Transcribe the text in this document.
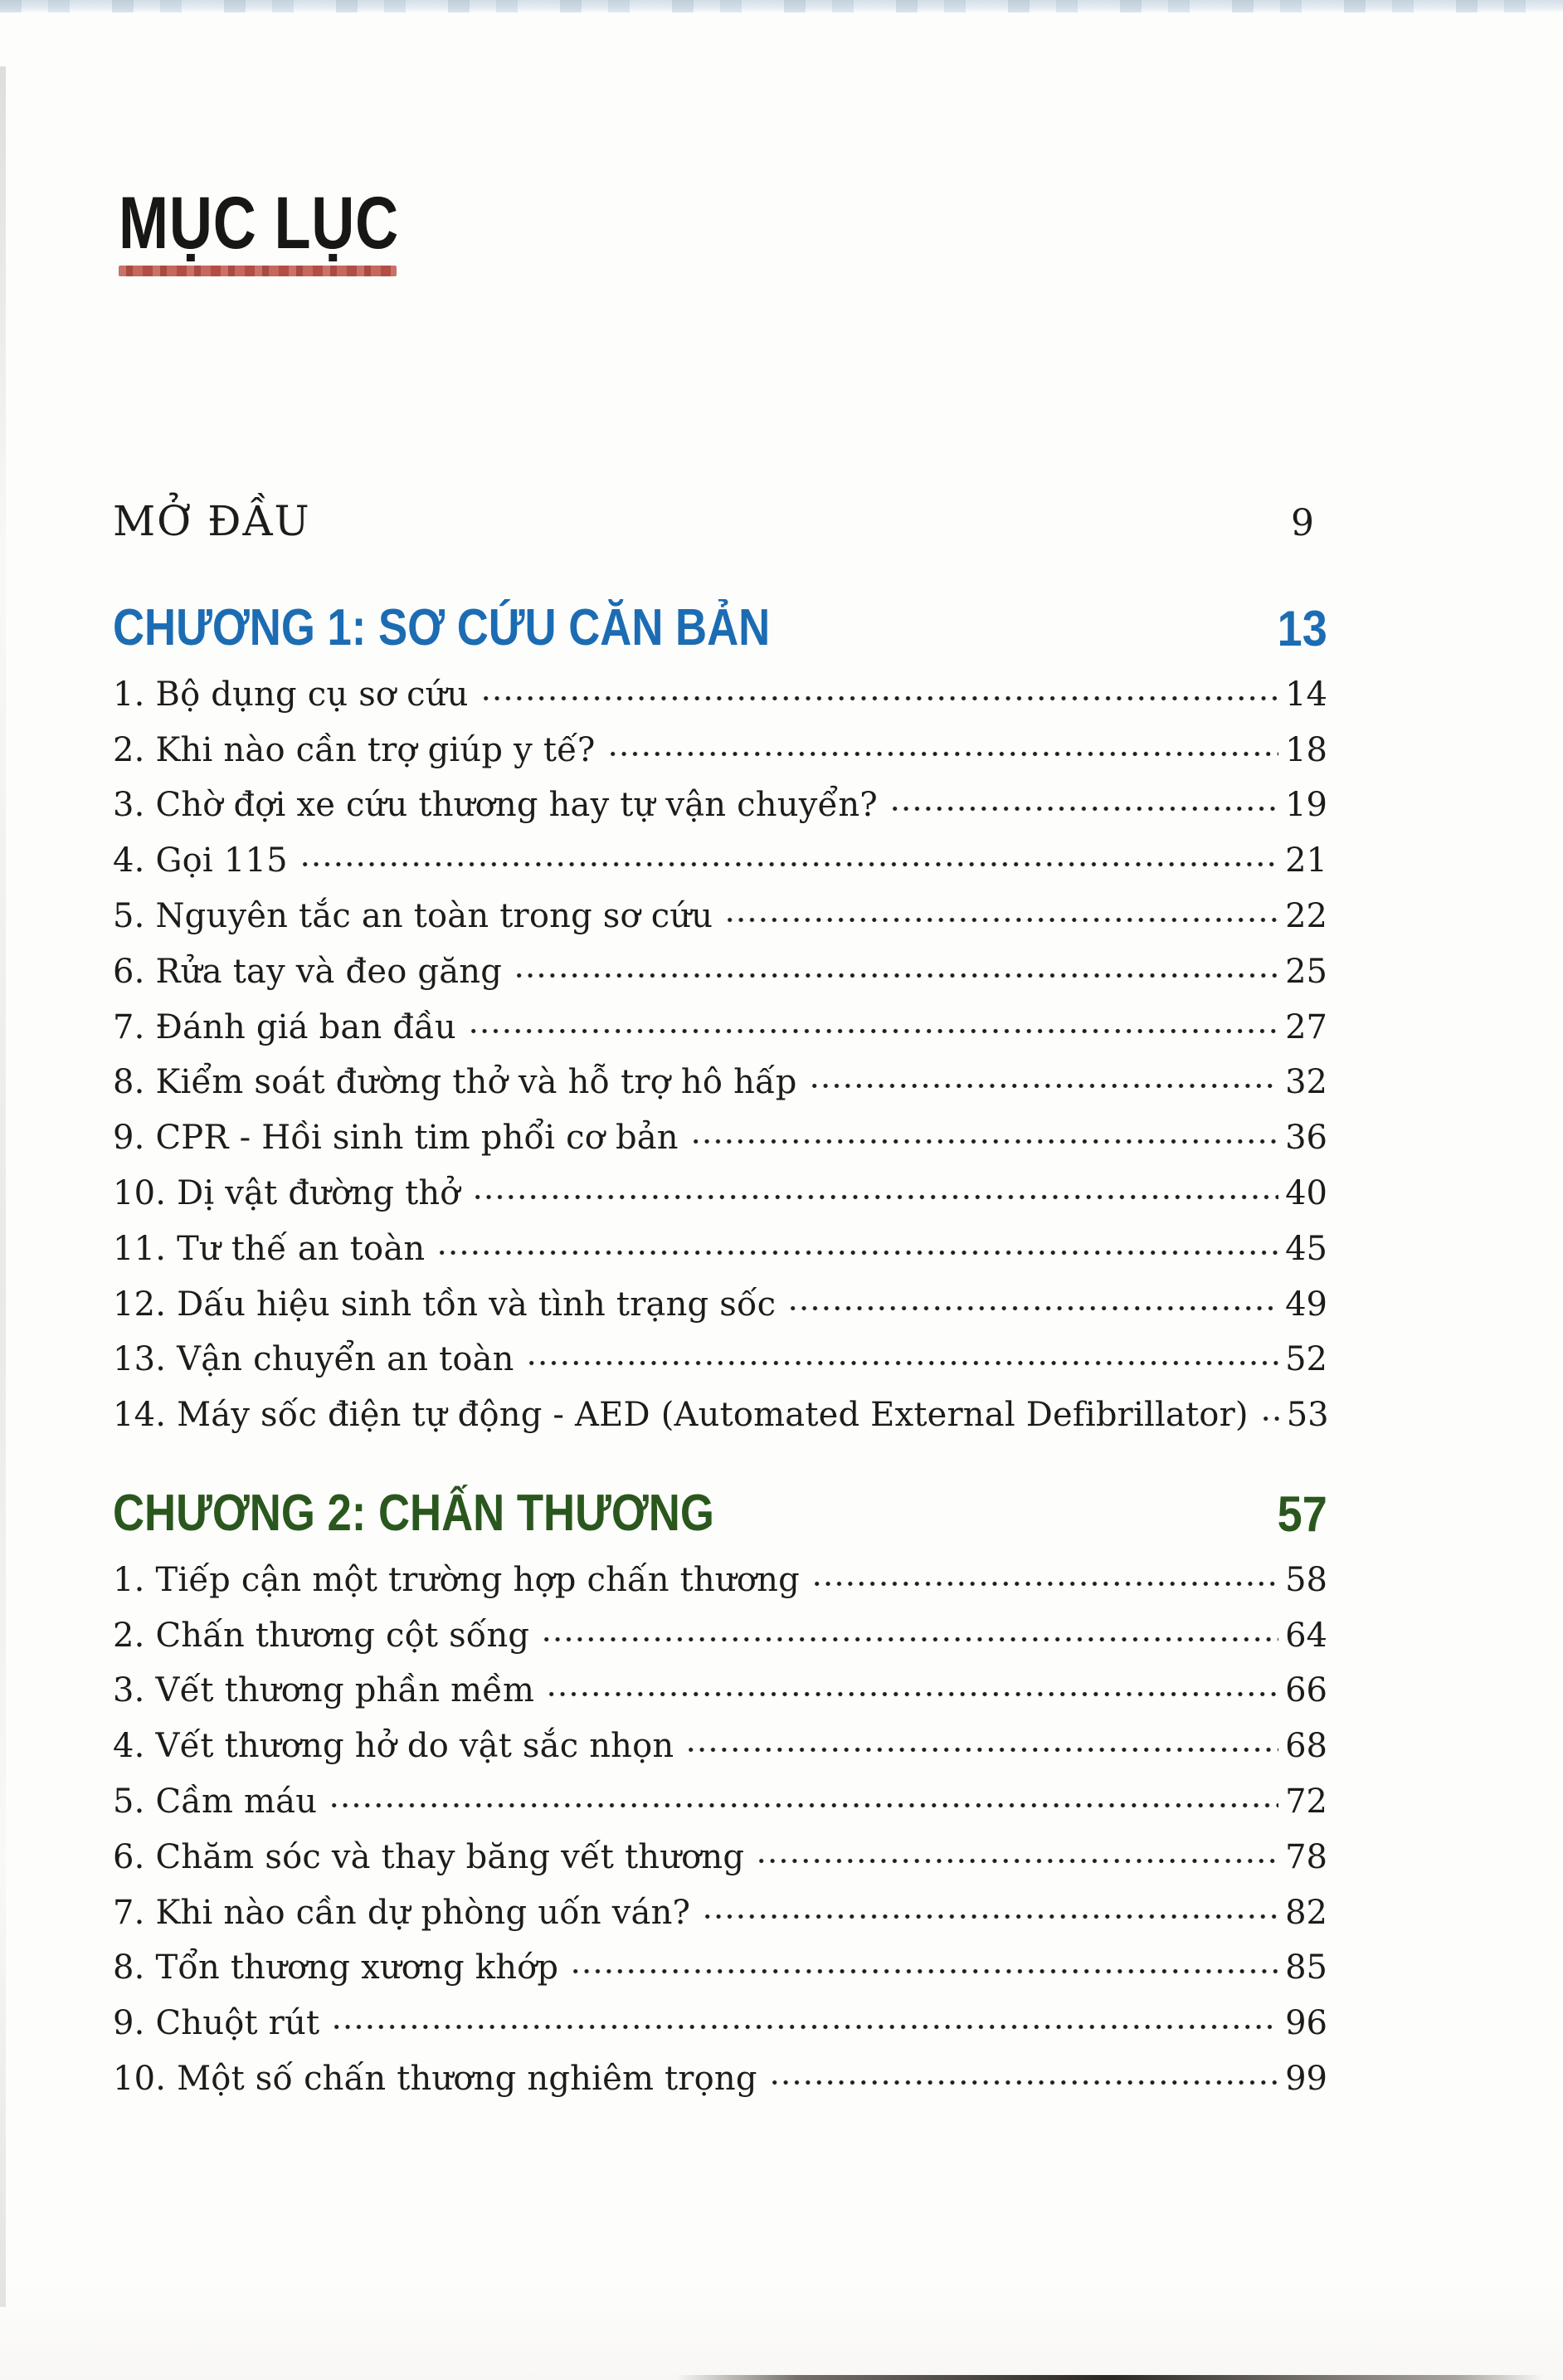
MỤC LỤC
MỞ ĐẦU	9
CHƯƠNG 1: SƠ CỨU CĂN BẢN	13
1. Bộ dụng cụ sơ cứu	14
2. Khi nào cần trợ giúp y tế?	18
3. Chờ đợi xe cứu thương hay tự vận chuyển?	19
4. Gọi 115	21
5. Nguyên tắc an toàn trong sơ cứu	22
6. Rửa tay và đeo găng	25
7. Đánh giá ban đầu	27
8. Kiểm soát đường thở và hỗ trợ hô hấp	32
9. CPR - Hồi sinh tim phổi cơ bản	36
10. Dị vật đường thở	40
11. Tư thế an toàn	45
12. Dấu hiệu sinh tồn và tình trạng sốc	49
13. Vận chuyển an toàn	52
14. Máy sốc điện tự động - AED (Automated External Defibrillator) 53
CHƯƠNG 2: CHẤN THƯƠNG	57
1. Tiếp cận một trường hợp chấn thương	58
2. Chấn thương cột sống	64
3. Vết thương phần mềm	66
4. Vết thương hở do vật sắc nhọn	68
5. Cầm máu	72
6. Chăm sóc và thay băng vết thương	78
7. Khi nào cần dự phòng uốn ván?	82
8. Tổn thương xương khớp	85
9. Chuột rút	96
10. Một số chấn thương nghiêm trọng	99
